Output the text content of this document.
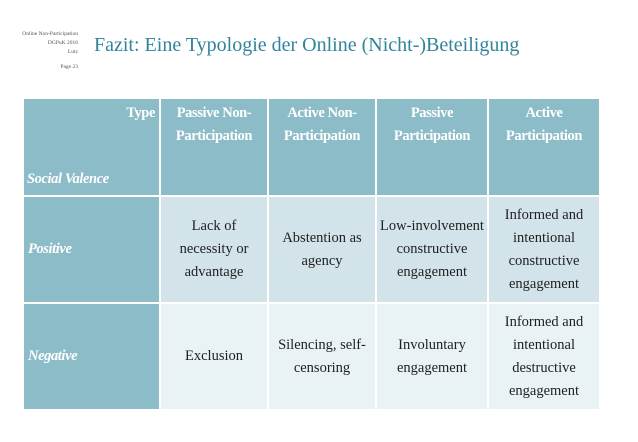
Online Non-Participation
DGPuK 2016
Lutz
Page 23
Fazit: Eine Typologie der Online (Nicht-)Beteiligung
Type
Social Valence	Passive Non-Participation	Active Non-Participation	Passive Participation	Active Participation
Positive	Lack of necessity or advantage	Abstention as agency	Low-involvement constructive engagement	Informed and intentional constructive engagement
Negative	Exclusion	Silencing, self-censoring	Involuntary engagement	Informed and intentional destructive engagement
